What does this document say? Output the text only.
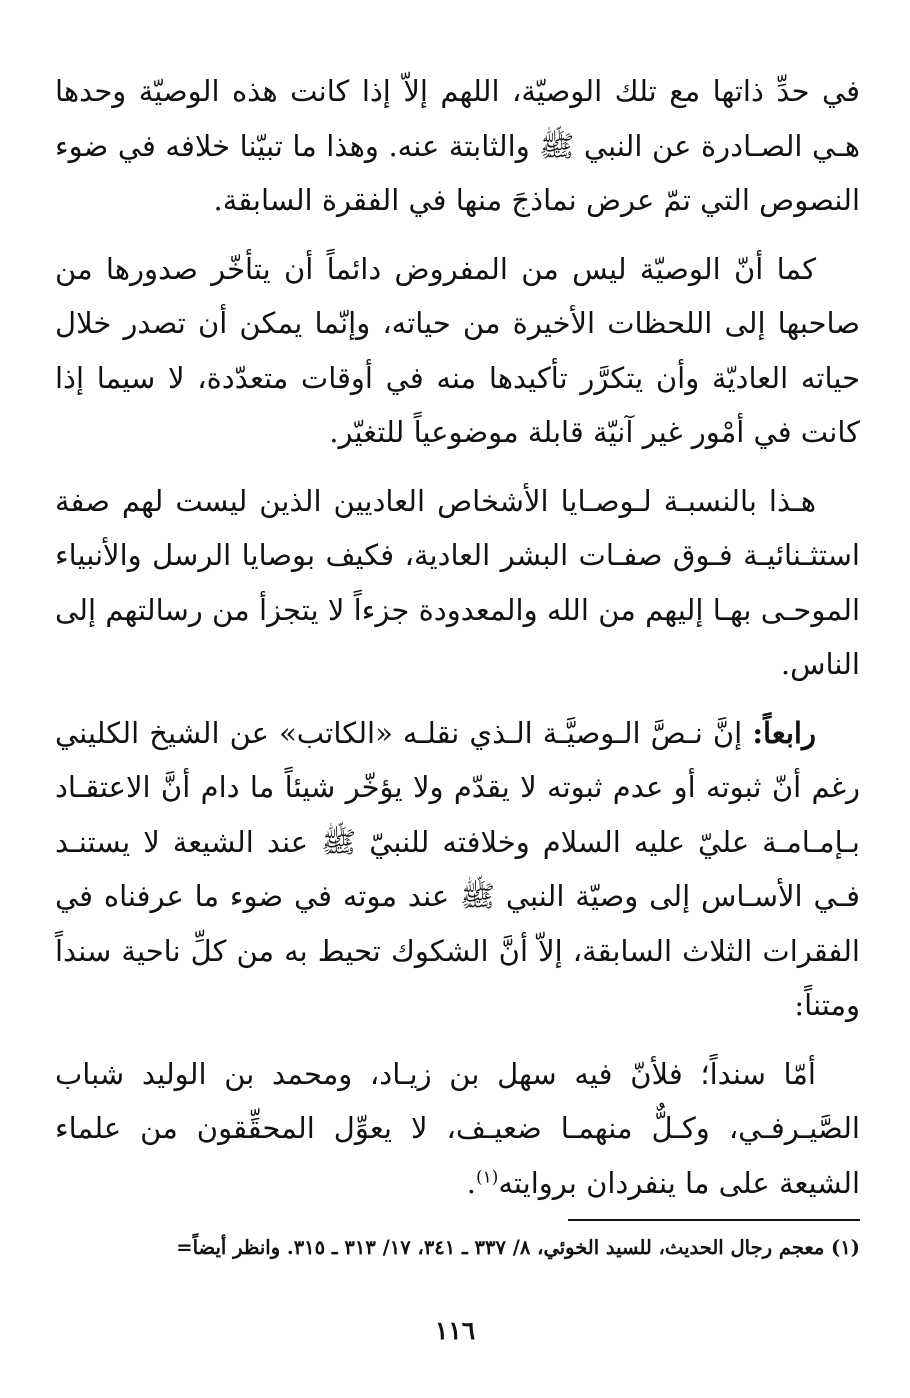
في حدِّ ذاتها مع تلك الوصيّة، اللهم إلاّ إذا كانت هذه الوصيّة وحدها هـي الصـادرة عن النبي ﷺ والثابتة عنه. وهذا ما تبيّنا خلافه في ضوء النصوص التي تمّ عرض نماذجَ منها في الفقرة السابقة.

كما أنّ الوصيّة ليس من المفروض دائماً أن يتأخّر صدورها من صاحبها إلى اللحظات الأخيرة من حياته، وإنّما يمكن أن تصدر خلال حياته العاديّة وأن يتكرَّر تأكيدها منه في أوقات متعدّدة، لا سيما إذا كانت في أمْور غير آنيّة قابلة موضوعياً للتغيّر.

هـذا بالنسبـة لـوصـايا الأشخاص العاديين الذين ليست لهم صفة استثـنائيـة فـوق صفـات البشر العادية، فكيف بوصايا الرسل والأنبياء الموحـى بهـا إليهم من الله والمعدودة جزءاً لا يتجزأ من رسالتهم إلى الناس.

رابعاً: إنَّ نـصَّ الـوصيَّـة الـذي نقلـه «الكاتب» عن الشيخ الكليني رغم أنّ ثبوته أو عدم ثبوته لا يقدّم ولا يؤخّر شيئاً ما دام أنَّ الاعتقـاد بـإمـامـة عليّ عليه السلام وخلافته للنبيّ ﷺ عند الشيعة لا يستنـد فـي الأسـاس إلى وصيّة النبي ﷺ عند موته في ضوء ما عرفناه في الفقرات الثلاث السابقة، إلاّ أنَّ الشكوك تحيط به من كلِّ ناحية سنداً ومتناً:

أمّا سنداً؛ فلأنّ فيه سهل بن زيـاد، ومحمد بن الوليد شباب الصَّيـرفـي، وكـلٌّ منهمـا ضعيـف، لا يعوِّل المحقِّقون من علماء الشيعة على ما ينفردان بروايته$^{(١)}$.

(١) معجم رجال الحديث، للسيد الخوئي، ٨/ ٣٣٧ ـ ٣٤١، ١٧/ ٣١٣ ـ ٣١٥. وانظر أيضاً=
١١٦
